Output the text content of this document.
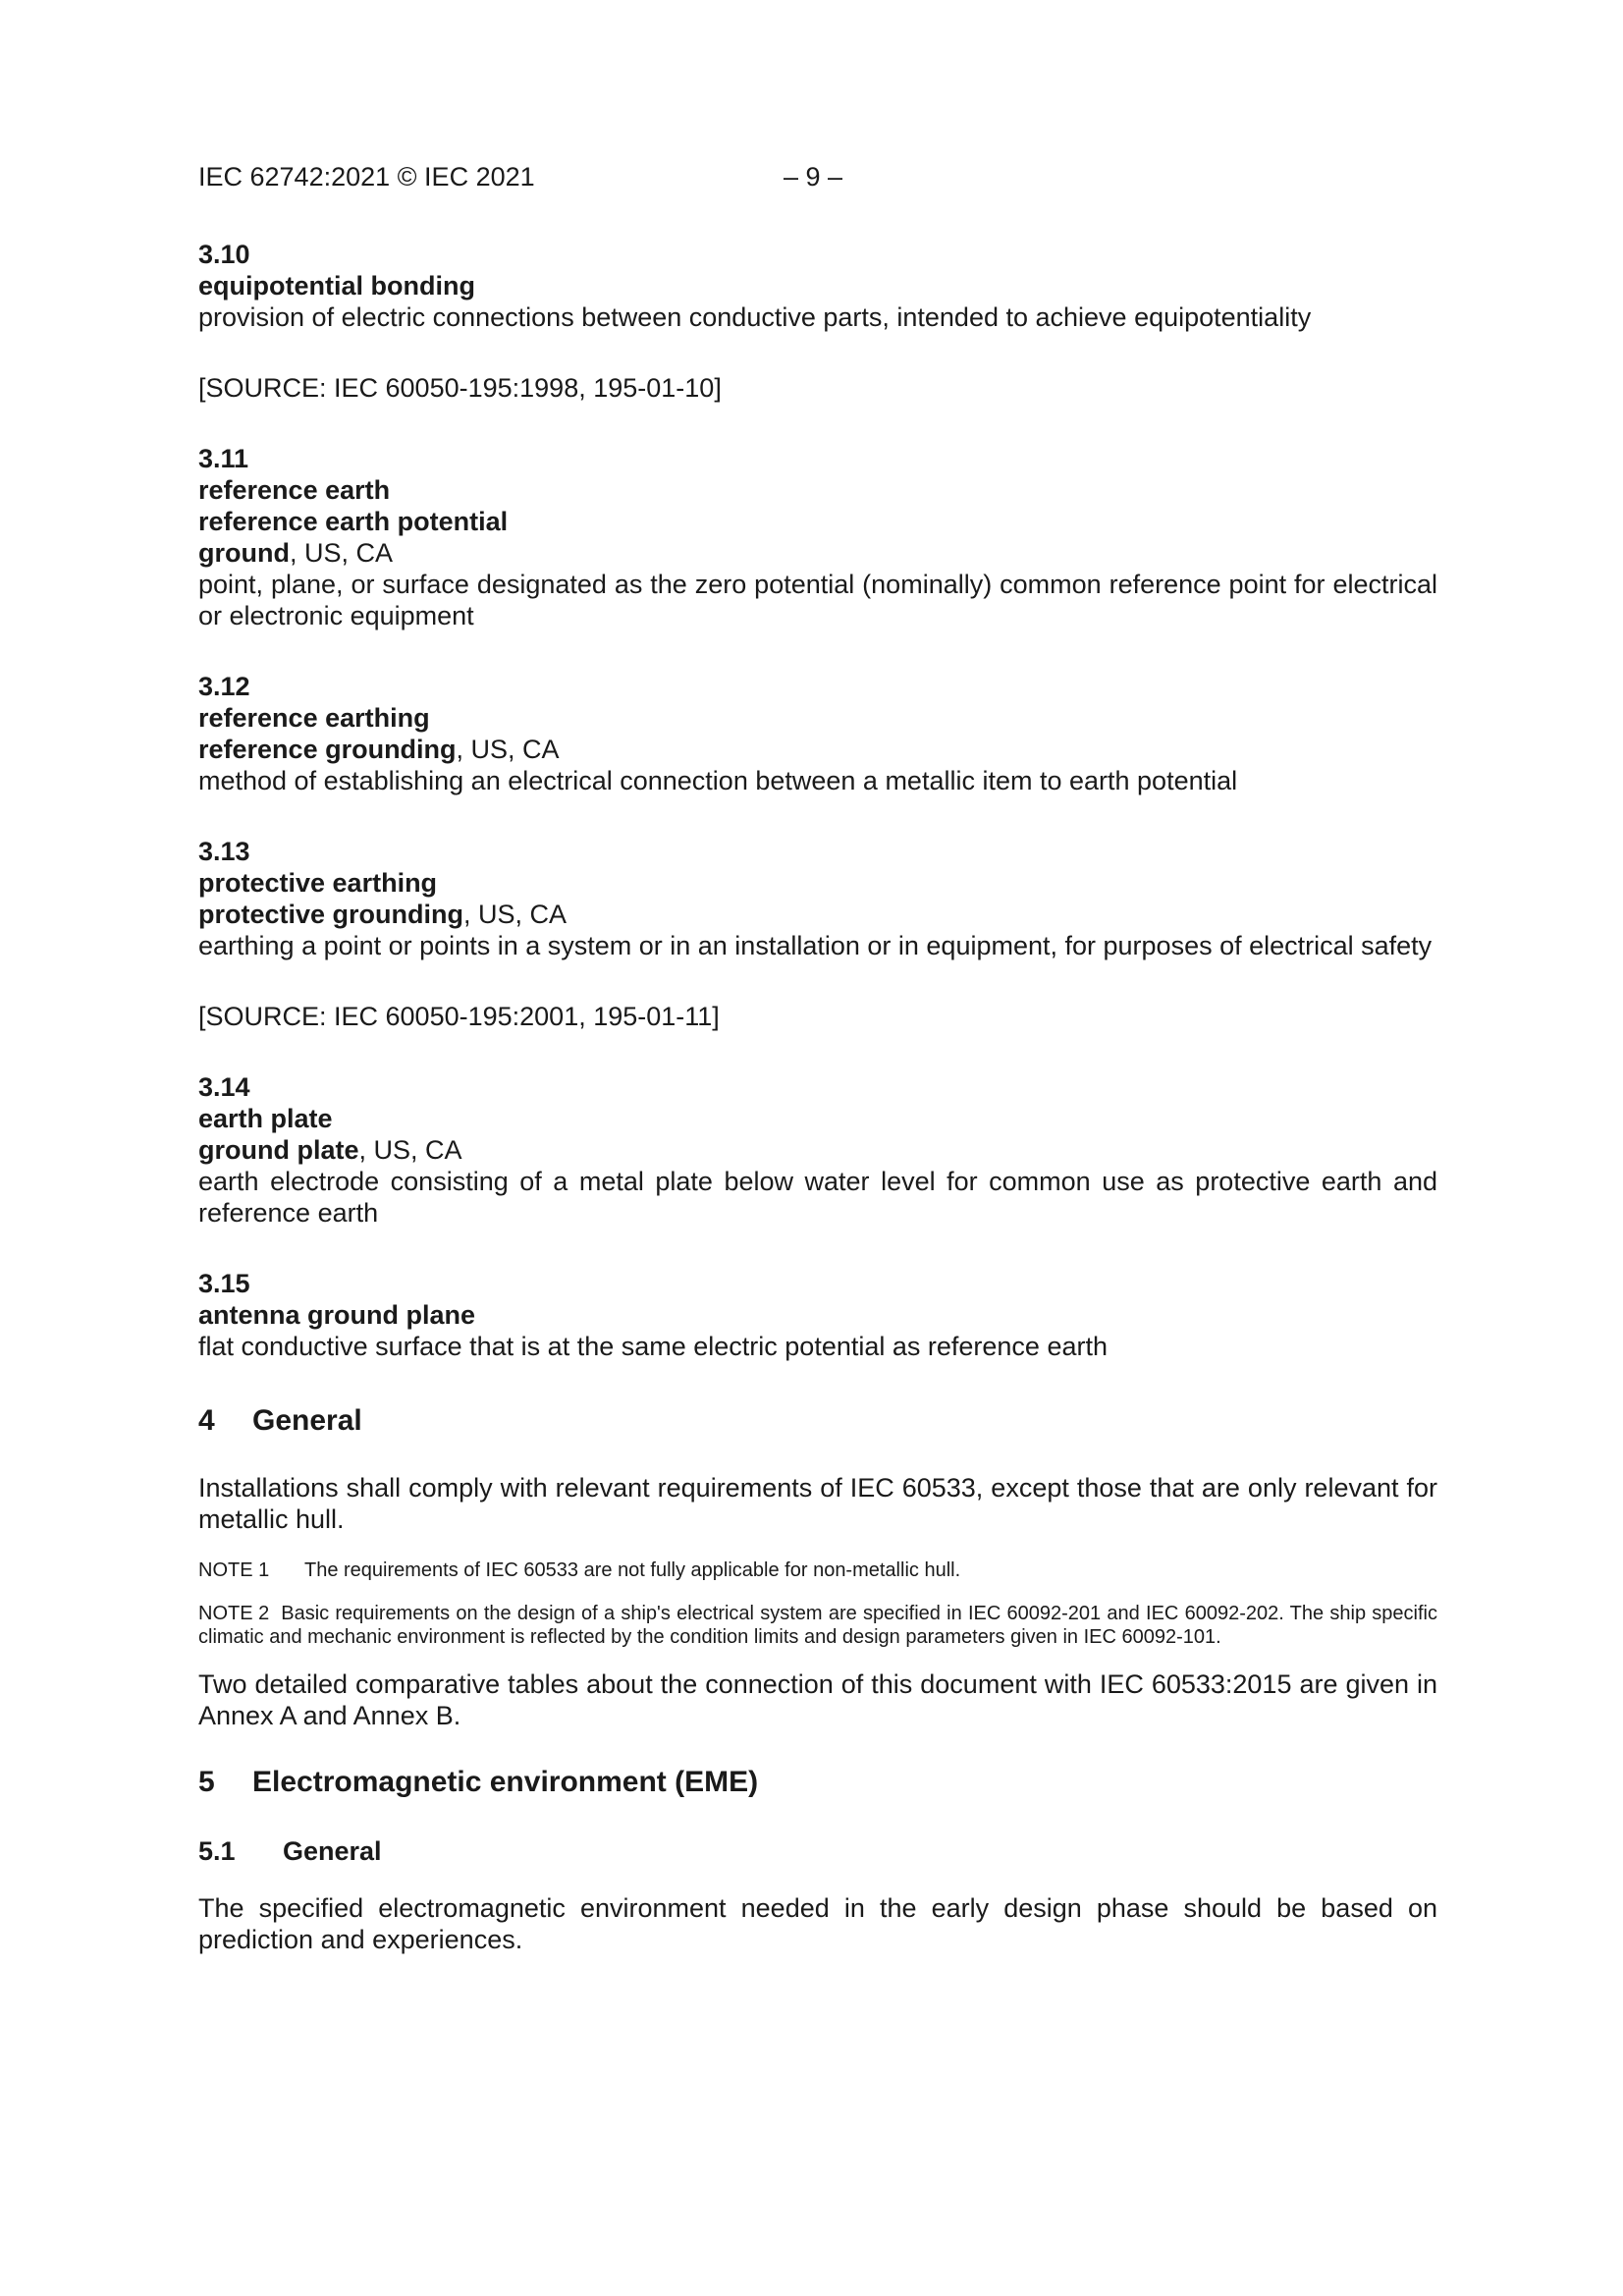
IEC 62742:2021 © IEC 2021	– 9 –

3.10

equipotential bonding

provision of electric connections between conductive parts, intended to achieve equipotentiality

[SOURCE: IEC 60050-195:1998, 195-01-10]

3.11

reference earth

reference earth potential

ground, US, CA

point, plane, or surface designated as the zero potential (nominally) common reference point for electrical or electronic equipment

3.12

reference earthing

reference grounding, US, CA

method of establishing an electrical connection between a metallic item to earth potential

3.13

protective earthing

protective grounding, US, CA

earthing a point or points in a system or in an installation or in equipment, for purposes of electrical safety

[SOURCE: IEC 60050-195:2001, 195-01-11]

3.14

earth plate

ground plate, US, CA

earth electrode consisting of a metal plate below water level for common use as protective earth and reference earth

3.15

antenna ground plane

flat conductive surface that is at the same electric potential as reference earth

4 General

Installations shall comply with relevant requirements of IEC 60533, except those that are only relevant for metallic hull.

NOTE 1 The requirements of IEC 60533 are not fully applicable for non-metallic hull.

NOTE 2 Basic requirements on the design of a ship's electrical system are specified in IEC 60092-201 and IEC 60092-202. The ship specific climatic and mechanic environment is reflected by the condition limits and design parameters given in IEC 60092-101.

Two detailed comparative tables about the connection of this document with IEC 60533:2015 are given in Annex A and Annex B.

5 Electromagnetic environment (EME)
5.1 General

The specified electromagnetic environment needed in the early design phase should be based on prediction and experiences.
